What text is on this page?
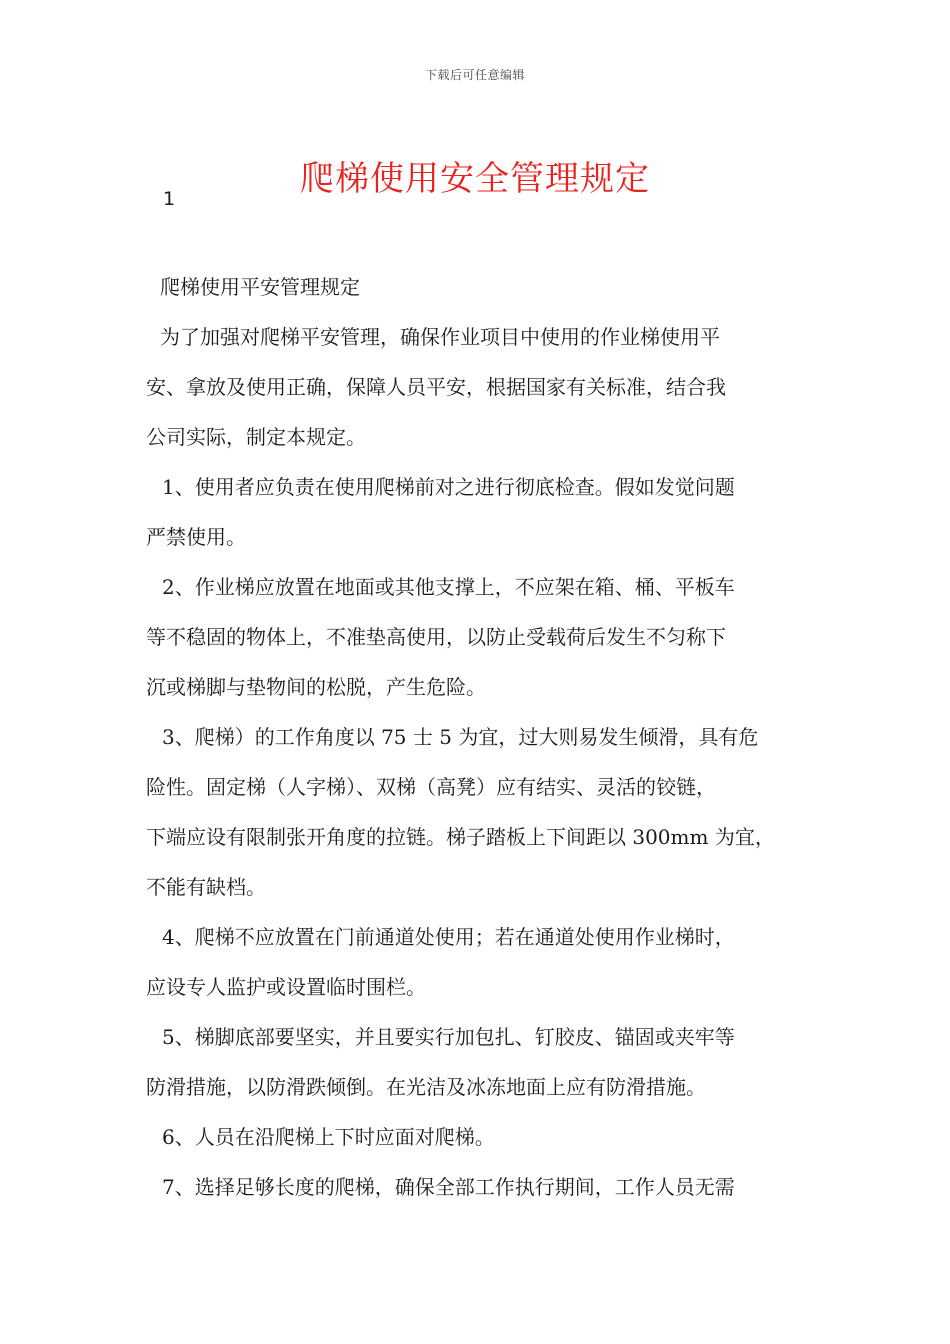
下载后可任意编辑
爬梯使用安全管理规定
1

爬梯使用平安管理规定

为了加强对爬梯平安管理，确保作业项目中使用的作业梯使用平

安、拿放及使用正确，保障人员平安，根据国家有关标准，结合我

公司实际，制定本规定。

1、使用者应负责在使用爬梯前对之进行彻底检查。假如发觉问题

严禁使用。

2、作业梯应放置在地面或其他支撑上，不应架在箱、桶、平板车

等不稳固的物体上，不准垫高使用，以防止受载荷后发生不匀称下

沉或梯脚与垫物间的松脱，产生危险。

3、爬梯）的工作角度以 75 士 5 为宜，过大则易发生倾滑，具有危

险性。固定梯（人字梯）、双梯（高凳）应有结实、灵活的铰链，

下端应设有限制张开角度的拉链。梯子踏板上下间距以 300mm 为宜，

不能有缺档。

4、爬梯不应放置在门前通道处使用；若在通道处使用作业梯时，

应设专人监护或设置临时围栏。

5、梯脚底部要坚实，并且要实行加包扎、钉胶皮、锚固或夹牢等

防滑措施，以防滑跌倾倒。在光洁及冰冻地面上应有防滑措施。

6、人员在沿爬梯上下时应面对爬梯。

7、选择足够长度的爬梯，确保全部工作执行期间，工作人员无需
